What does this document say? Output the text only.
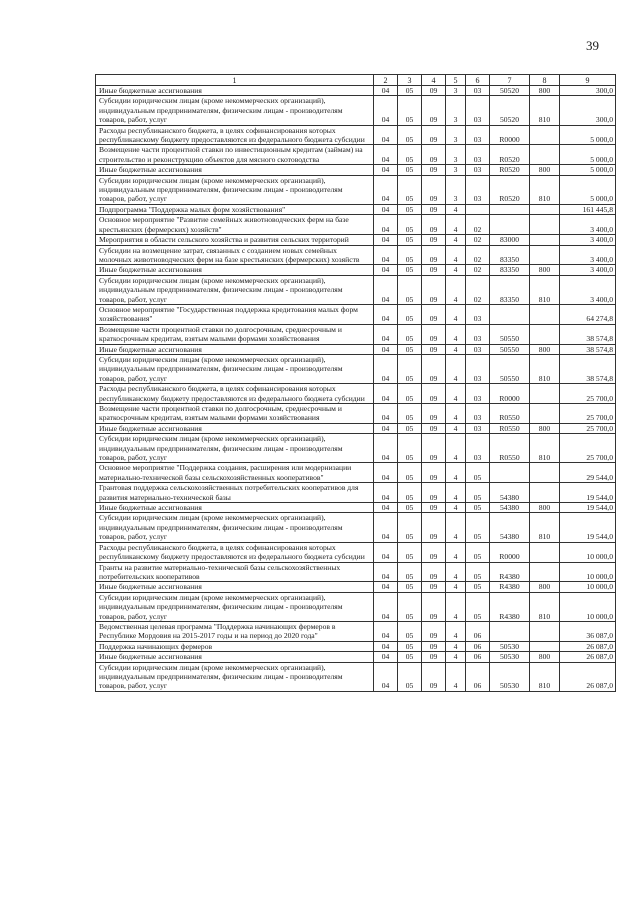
39
1	2	3	4	5	6	7	8	9
Иные бюджетные ассигнования	04	05	09	3	03	50520	800	300,0
Субсидии юридическим лицам (кроме некоммерческих организаций), индивидуальным предпринимателям, физическим лицам - производителям товаров, работ, услуг	04	05	09	3	03	50520	810	300,0
Расходы республиканского бюджета, в целях софинансирования которых республиканскому бюджету предоставляются из федерального бюджета субсидии	04	05	09	3	03	R0000		5 000,0
Возмещение части процентной ставки по инвестиционным кредитам (займам) на строительство и реконструкцию объектов для мясного скотоводства	04	05	09	3	03	R0520		5 000,0
Иные бюджетные ассигнования	04	05	09	3	03	R0520	800	5 000,0
Субсидии юридическим лицам (кроме некоммерческих организаций), индивидуальным предпринимателям, физическим лицам - производителям товаров, работ, услуг	04	05	09	3	03	R0520	810	5 000,0
Подпрограмма "Поддержка малых форм хозяйствования"	04	05	09	4				161 445,8
Основное мероприятие "Развитие семейных животноводческих ферм на базе крестьянских (фермерских) хозяйств"	04	05	09	4	02			3 400,0
Мероприятия в области сельского хозяйства и развития сельских территорий	04	05	09	4	02	83000		3 400,0
Субсидии на возмещение затрат, связанных с созданием новых семейных молочных животноводческих ферм на базе крестьянских (фермерских) хозяйств	04	05	09	4	02	83350		3 400,0
Иные бюджетные ассигнования	04	05	09	4	02	83350	800	3 400,0
Субсидии юридическим лицам (кроме некоммерческих организаций), индивидуальным предпринимателям, физическим лицам - производителям товаров, работ, услуг	04	05	09	4	02	83350	810	3 400,0
Основное мероприятие "Государственная поддержка кредитования малых форм хозяйствования"	04	05	09	4	03			64 274,8
Возмещение части процентной ставки по долгосрочным, среднесрочным и краткосрочным кредитам, взятым малыми формами хозяйствования	04	05	09	4	03	50550		38 574,8
Иные бюджетные ассигнования	04	05	09	4	03	50550	800	38 574,8
Субсидии юридическим лицам (кроме некоммерческих организаций), индивидуальным предпринимателям, физическим лицам - производителям товаров, работ, услуг	04	05	09	4	03	50550	810	38 574,8
Расходы республиканского бюджета, в целях софинансирования которых республиканскому бюджету предоставляются из федерального бюджета субсидии	04	05	09	4	03	R0000		25 700,0
Возмещение части процентной ставки по долгосрочным, среднесрочным и краткосрочным кредитам, взятым малыми формами хозяйствования	04	05	09	4	03	R0550		25 700,0
Иные бюджетные ассигнования	04	05	09	4	03	R0550	800	25 700,0
Субсидии юридическим лицам (кроме некоммерческих организаций), индивидуальным предпринимателям, физическим лицам - производителям товаров, работ, услуг	04	05	09	4	03	R0550	810	25 700,0
Основное мероприятие "Поддержка создания, расширения или модернизации материально-технической базы сельскохозяйственных кооперативов"	04	05	09	4	05			29 544,0
Грантовая поддержка сельскохозяйственных потребительских кооперативов для развития материально-технической базы	04	05	09	4	05	54380		19 544,0
Иные бюджетные ассигнования	04	05	09	4	05	54380	800	19 544,0
Субсидии юридическим лицам (кроме некоммерческих организаций), индивидуальным предпринимателям, физическим лицам - производителям товаров, работ, услуг	04	05	09	4	05	54380	810	19 544,0
Расходы республиканского бюджета, в целях софинансирования которых республиканскому бюджету предоставляются из федерального бюджета субсидии	04	05	09	4	05	R0000		10 000,0
Гранты на развитие материально-технической базы сельскохозяйственных потребительских кооперативов	04	05	09	4	05	R4380		10 000,0
Иные бюджетные ассигнования	04	05	09	4	05	R4380	800	10 000,0
Субсидии юридическим лицам (кроме некоммерческих организаций), индивидуальным предпринимателям, физическим лицам - производителям товаров, работ, услуг	04	05	09	4	05	R4380	810	10 000,0
Ведомственная целевая программа "Поддержка начинающих фермеров в Республике Мордовия на 2015-2017 годы и на период до 2020 года"	04	05	09	4	06			36 087,0
Поддержка начинающих фермеров	04	05	09	4	06	50530		26 087,0
Иные бюджетные ассигнования	04	05	09	4	06	50530	800	26 087,0
Субсидии юридическим лицам (кроме некоммерческих организаций), индивидуальным предпринимателям, физическим лицам - производителям товаров, работ, услуг	04	05	09	4	06	50530	810	26 087,0
